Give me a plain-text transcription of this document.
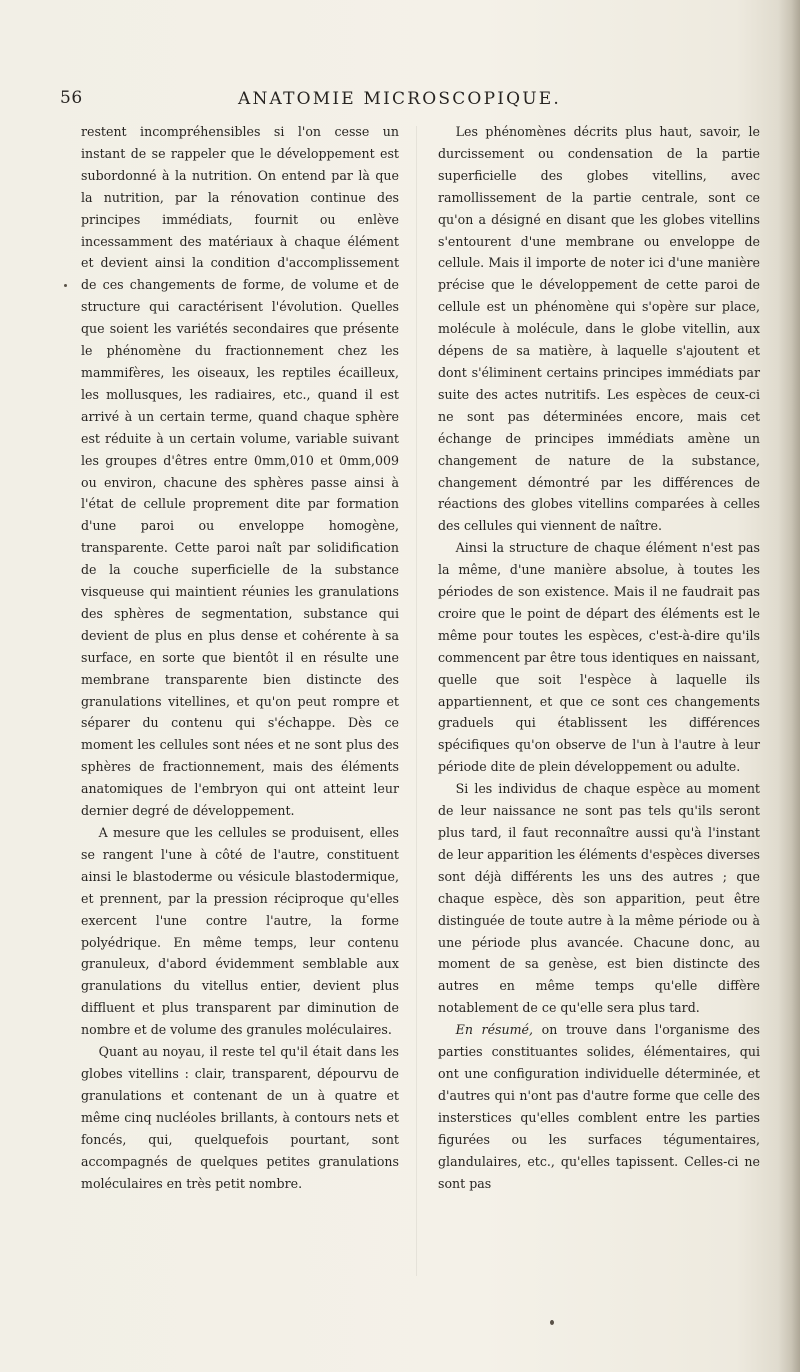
56	ANATOMIE MICROSCOPIQUE.

restent incompréhensibles si l'on cesse un instant de se rappeler que le développement est subordonné à la nutrition. On entend par là que la nutrition, par la rénovation continue des principes immédiats, fournit ou enlève incessamment des matériaux à chaque élément et devient ainsi la condition d'accomplissement de ces changements de forme, de volume et de structure qui caractérisent l'évolution. Quelles que soient les variétés secondaires que présente le phénomène du fractionnement chez les mammifères, les oiseaux, les reptiles écailleux, les mollusques, les radiaires, etc., quand il est arrivé à un certain terme, quand chaque sphère est réduite à un certain volume, variable suivant les groupes d'êtres entre 0mm,010 et 0mm,009 ou environ, chacune des sphères passe ainsi à l'état de cellule proprement dite par formation d'une paroi ou enveloppe homogène, transparente. Cette paroi naît par solidification de la couche superficielle de la substance visqueuse qui maintient réunies les granulations des sphères de segmentation, substance qui devient de plus en plus dense et cohérente à sa surface, en sorte que bientôt il en résulte une membrane transparente bien distincte des granulations vitellines, et qu'on peut rompre et séparer du contenu qui s'échappe. Dès ce moment les cellules sont nées et ne sont plus des sphères de fractionnement, mais des éléments anatomiques de l'embryon qui ont atteint leur dernier degré de développement.

A mesure que les cellules se produisent, elles se rangent l'une à côté de l'autre, constituent ainsi le blastoderme ou vésicule blastodermique, et prennent, par la pression réciproque qu'elles exercent l'une contre l'autre, la forme polyédrique. En même temps, leur contenu granuleux, d'abord évidemment semblable aux granulations du vitellus entier, devient plus diffluent et plus transparent par diminution de nombre et de volume des granules moléculaires.

Quant au noyau, il reste tel qu'il était dans les globes vitellins : clair, transparent, dépourvu de granulations et contenant de un à quatre et même cinq nucléoles brillants, à contours nets et foncés, qui, quelquefois pourtant, sont accompagnés de quelques petites granulations moléculaires en très petit nombre.

Les phénomènes décrits plus haut, savoir, le durcissement ou condensation de la partie superficielle des globes vitellins, avec ramollissement de la partie centrale, sont ce qu'on a désigné en disant que les globes vitellins s'entourent d'une membrane ou enveloppe de cellule. Mais il importe de noter ici d'une manière précise que le développement de cette paroi de cellule est un phénomène qui s'opère sur place, molécule à molécule, dans le globe vitellin, aux dépens de sa matière, à laquelle s'ajoutent et dont s'éliminent certains principes immédiats par suite des actes nutritifs. Les espèces de ceux-ci ne sont pas déterminées encore, mais cet échange de principes immédiats amène un changement de nature de la substance, changement démontré par les différences de réactions des globes vitellins comparées à celles des cellules qui viennent de naître.

Ainsi la structure de chaque élément n'est pas la même, d'une manière absolue, à toutes les périodes de son existence. Mais il ne faudrait pas croire que le point de départ des éléments est le même pour toutes les espèces, c'est-à-dire qu'ils commencent par être tous identiques en naissant, quelle que soit l'espèce à laquelle ils appartiennent, et que ce sont ces changements graduels qui établissent les différences spécifiques qu'on observe de l'un à l'autre à leur période dite de plein développement ou adulte.

Si les individus de chaque espèce au moment de leur naissance ne sont pas tels qu'ils seront plus tard, il faut reconnaître aussi qu'à l'instant de leur apparition les éléments d'espèces diverses sont déjà différents les uns des autres ; que chaque espèce, dès son apparition, peut être distinguée de toute autre à la même période ou à une période plus avancée. Chacune donc, au moment de sa genèse, est bien distincte des autres en même temps qu'elle diffère notablement de ce qu'elle sera plus tard.

En résumé, on trouve dans l'organisme des parties constituantes solides, élémentaires, qui ont une configuration individuelle déterminée, et d'autres qui n'ont pas d'autre forme que celle des insterstices qu'elles comblent entre les parties figurées ou les surfaces tégumentaires, glandulaires, etc., qu'elles tapissent. Celles-ci ne sont pas
